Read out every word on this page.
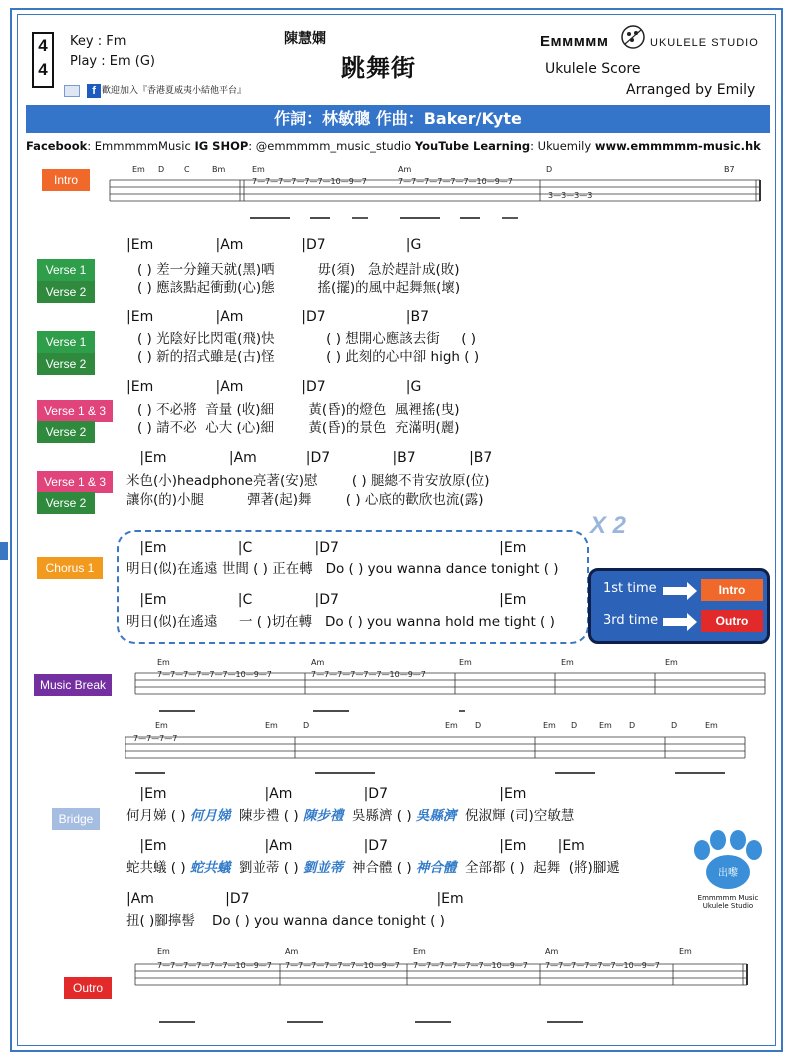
4
4
Key : Fm
Play : Em (G)
f 歡迎加入『香港夏威夷小結他平台』
陳慧嫻
跳舞街
Eᴍᴍᴍᴍᴍ	UKULELE STUDIO
Ukulele Score
Arranged by Emily
作詞：林敏聰 作曲：Baker/Kyte
Facebook: EmmmmmMusic IG SHOP: @emmmmm_music_studio YouTube Learning: Ukuemily www.emmmmm-music.hk
Intro
Em D C	Bm	Em	Am	D	B7
7—7—7—7—7—7—10—9—7	7—7—7—7—7—7—10—9—7
3—3—3—3
Verse 1
Verse 2
|Em              |Am             |D7                  |G
( ) 差一分鐘天就(黑)哂          毋(須)   急於趕計成(敗)
( ) 應該點起衝動(心)態          搖(擺)的風中起舞無(壞)
Verse 1
Verse 2
|Em              |Am             |D7                  |B7
( ) 光陰好比閃電(飛)快            ( ) 想開心應該去街     ( )
( ) 新的招式雖是(古)怪            ( ) 此刻的心中卻 high ( )
Verse 1 & 3
Verse 2
|Em              |Am             |D7                  |G
( ) 不必將  音量 (收)細        黃(昏)的燈色  風裡搖(曳)
( ) 請不必  心大 (心)細        黃(昏)的景色  充滿明(麗)
Verse 1 & 3
Verse 2
|Em              |Am           |D7              |B7            |B7
米色(小)headphone亮著(安)慰        ( ) 腿總不肯安放原(位)
讓你(的)小腿          彈著(起)舞        ( ) 心底的歡欣也流(露)
X 2
Chorus 1
|Em                |C              |D7                                    |Em
明日(似)在遙遠 世間 ( ) 正在轉   Do ( ) you wanna dance tonight ( )
|Em                |C              |D7                                    |Em
明日(似)在遙遠     一 ( )切在轉   Do ( ) you wanna hold me tight ( )
1st time	Intro
3rd time	Outro
Music Break
Em	Am	Em	Em	Em
7—7—7—7—7—7—10—9—7	7—7—7—7—7—7—10—9—7
Em	Em	D	Em D	Em D	Em D	D	Em
7—7—7—7
Bridge
|Em                      |Am                |D7                         |Em
何月娣 ( ) 何月娣  陳步禮 ( ) 陳步禮  吳縣濟 ( ) 吳縣濟  倪淑輝 (司)空敏慧
|Em                      |Am                |D7                         |Em       |Em
蛇共蟻 ( ) 蛇共蟻  劉並蒂 ( ) 劉並蒂  神合體 ( ) 神合體  全部都 ( )  起舞  (將)腳遞
|Am                |D7                                          |Em
扭( )腳擰髻    Do ( ) you wanna dance tonight ( )
出嚟
Emmmmm Music
Ukulele Studio
Outro
Em	Am	Em	Am	Em
7—7—7—7—7—7—10—9—7 7—7—7—7—7—7—10—9—7 7—7—7—7—7—7—10—9—7 7—7—7—7—7—7—10—9—7
